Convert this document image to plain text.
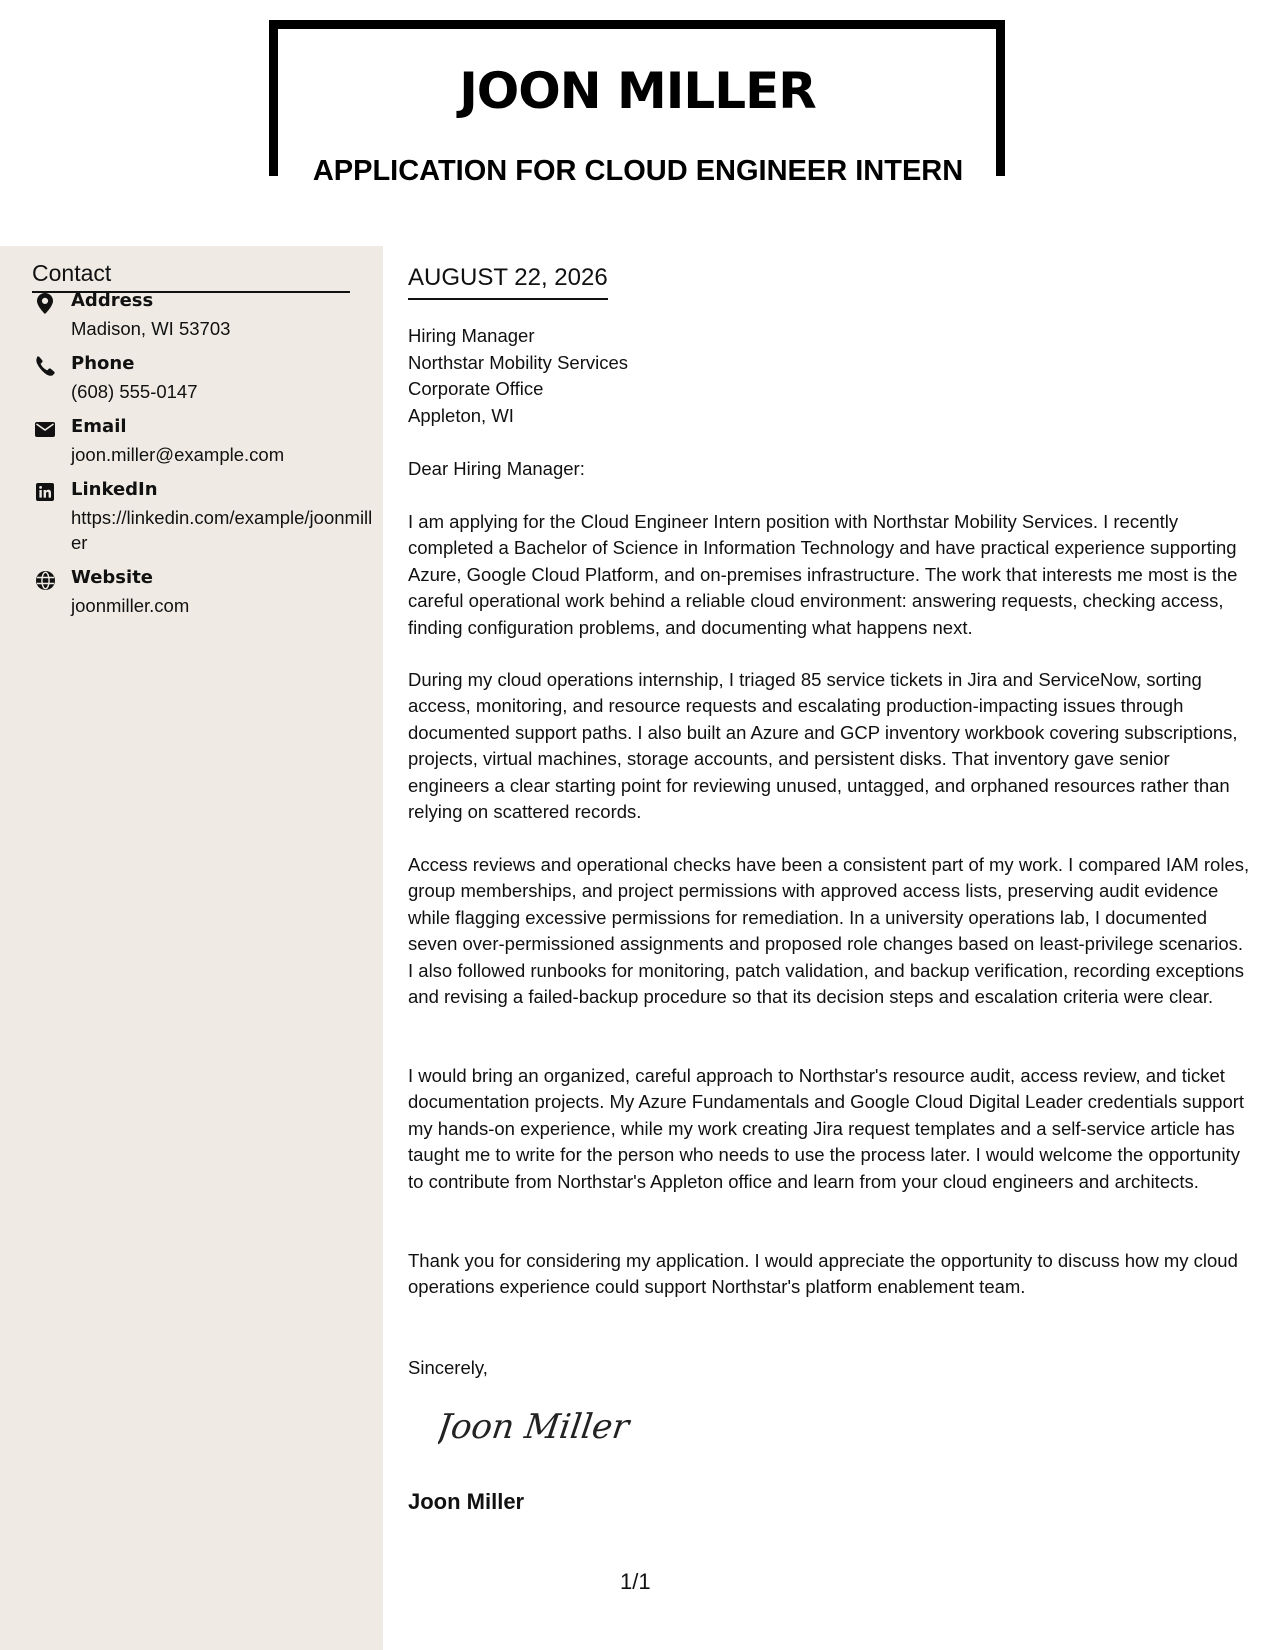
JOON MILLER
APPLICATION FOR CLOUD ENGINEER INTERN
Contact
Address
Madison, WI 53703
Phone
(608) 555-0147
Email
joon.miller@example.com
LinkedIn
https://linkedin.com/example/joonmiller
Website
joonmiller.com
AUGUST 22, 2026
Hiring Manager
Northstar Mobility Services
Corporate Office
Appleton, WI
Dear Hiring Manager:
I am applying for the Cloud Engineer Intern position with Northstar Mobility Services. I recently completed a Bachelor of Science in Information Technology and have practical experience supporting Azure, Google Cloud Platform, and on-premises infrastructure. The work that interests me most is the careful operational work behind a reliable cloud environment: answering requests, checking access, finding configuration problems, and documenting what happens next.
During my cloud operations internship, I triaged 85 service tickets in Jira and ServiceNow, sorting access, monitoring, and resource requests and escalating production-impacting issues through documented support paths. I also built an Azure and GCP inventory workbook covering subscriptions, projects, virtual machines, storage accounts, and persistent disks. That inventory gave senior engineers a clear starting point for reviewing unused, untagged, and orphaned resources rather than relying on scattered records.
Access reviews and operational checks have been a consistent part of my work. I compared IAM roles, group memberships, and project permissions with approved access lists, preserving audit evidence while flagging excessive permissions for remediation. In a university operations lab, I documented seven over-permissioned assignments and proposed role changes based on least-privilege scenarios. I also followed runbooks for monitoring, patch validation, and backup verification, recording exceptions and revising a failed-backup procedure so that its decision steps and escalation criteria were clear.
I would bring an organized, careful approach to Northstar's resource audit, access review, and ticket documentation projects. My Azure Fundamentals and Google Cloud Digital Leader credentials support my hands-on experience, while my work creating Jira request templates and a self-service article has taught me to write for the person who needs to use the process later. I would welcome the opportunity to contribute from Northstar's Appleton office and learn from your cloud engineers and architects.
Thank you for considering my application. I would appreciate the opportunity to discuss how my cloud operations experience could support Northstar's platform enablement team.
Sincerely,
Joon Miller
Joon Miller
1/1
